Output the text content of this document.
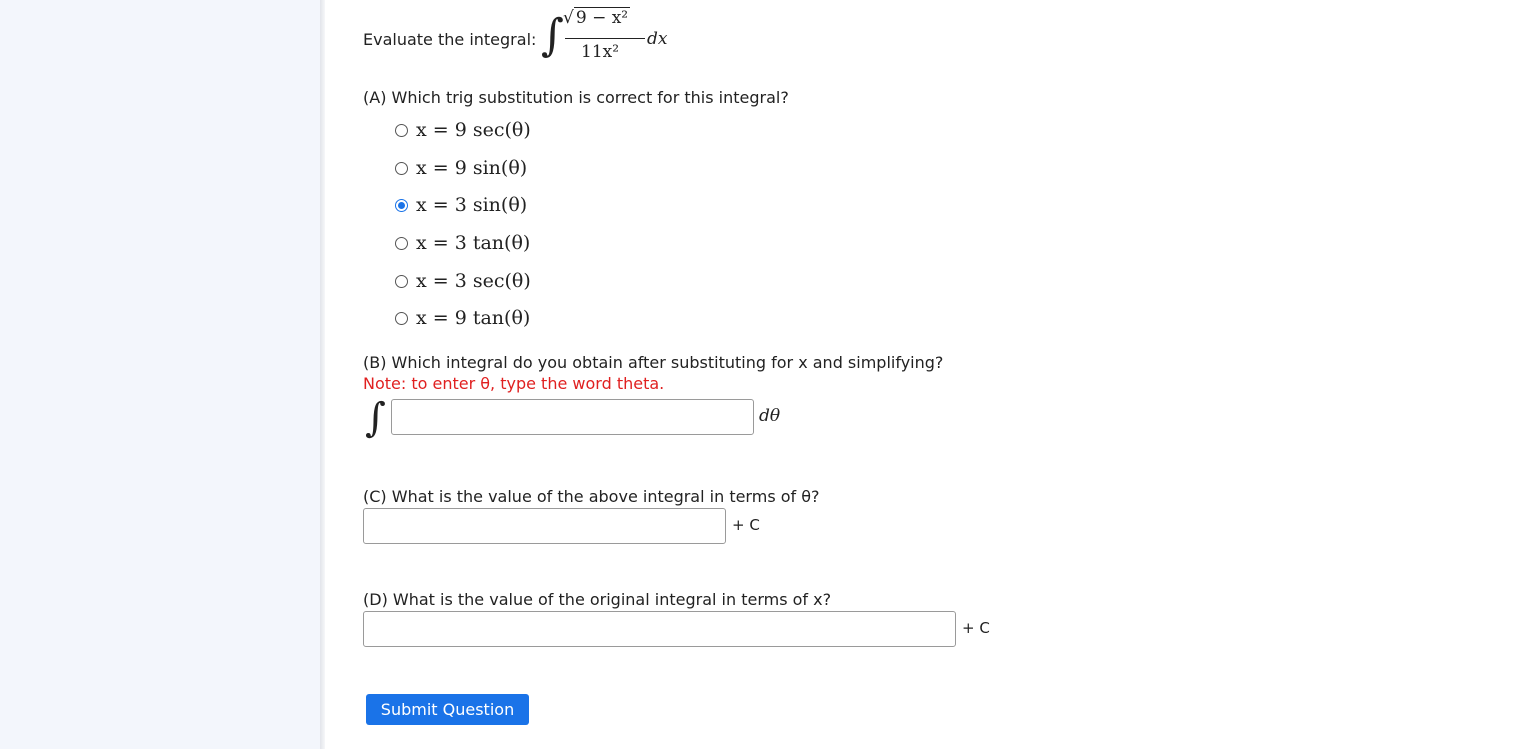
Evaluate the integral: ∫ √ 9 − x²
11x²
dx
(A) Which trig substitution is correct for this integral?
x = 9 sec(θ)
x = 9 sin(θ)
x = 3 sin(θ)
x = 3 tan(θ)
x = 3 sec(θ)
x = 9 tan(θ)
(B) Which integral do you obtain after substituting for x and simplifying?
Note: to enter θ, type the word theta.
∫	dθ
(C) What is the value of the above integral in terms of θ?
+ C
(D) What is the value of the original integral in terms of x?
+ C
Submit Question
